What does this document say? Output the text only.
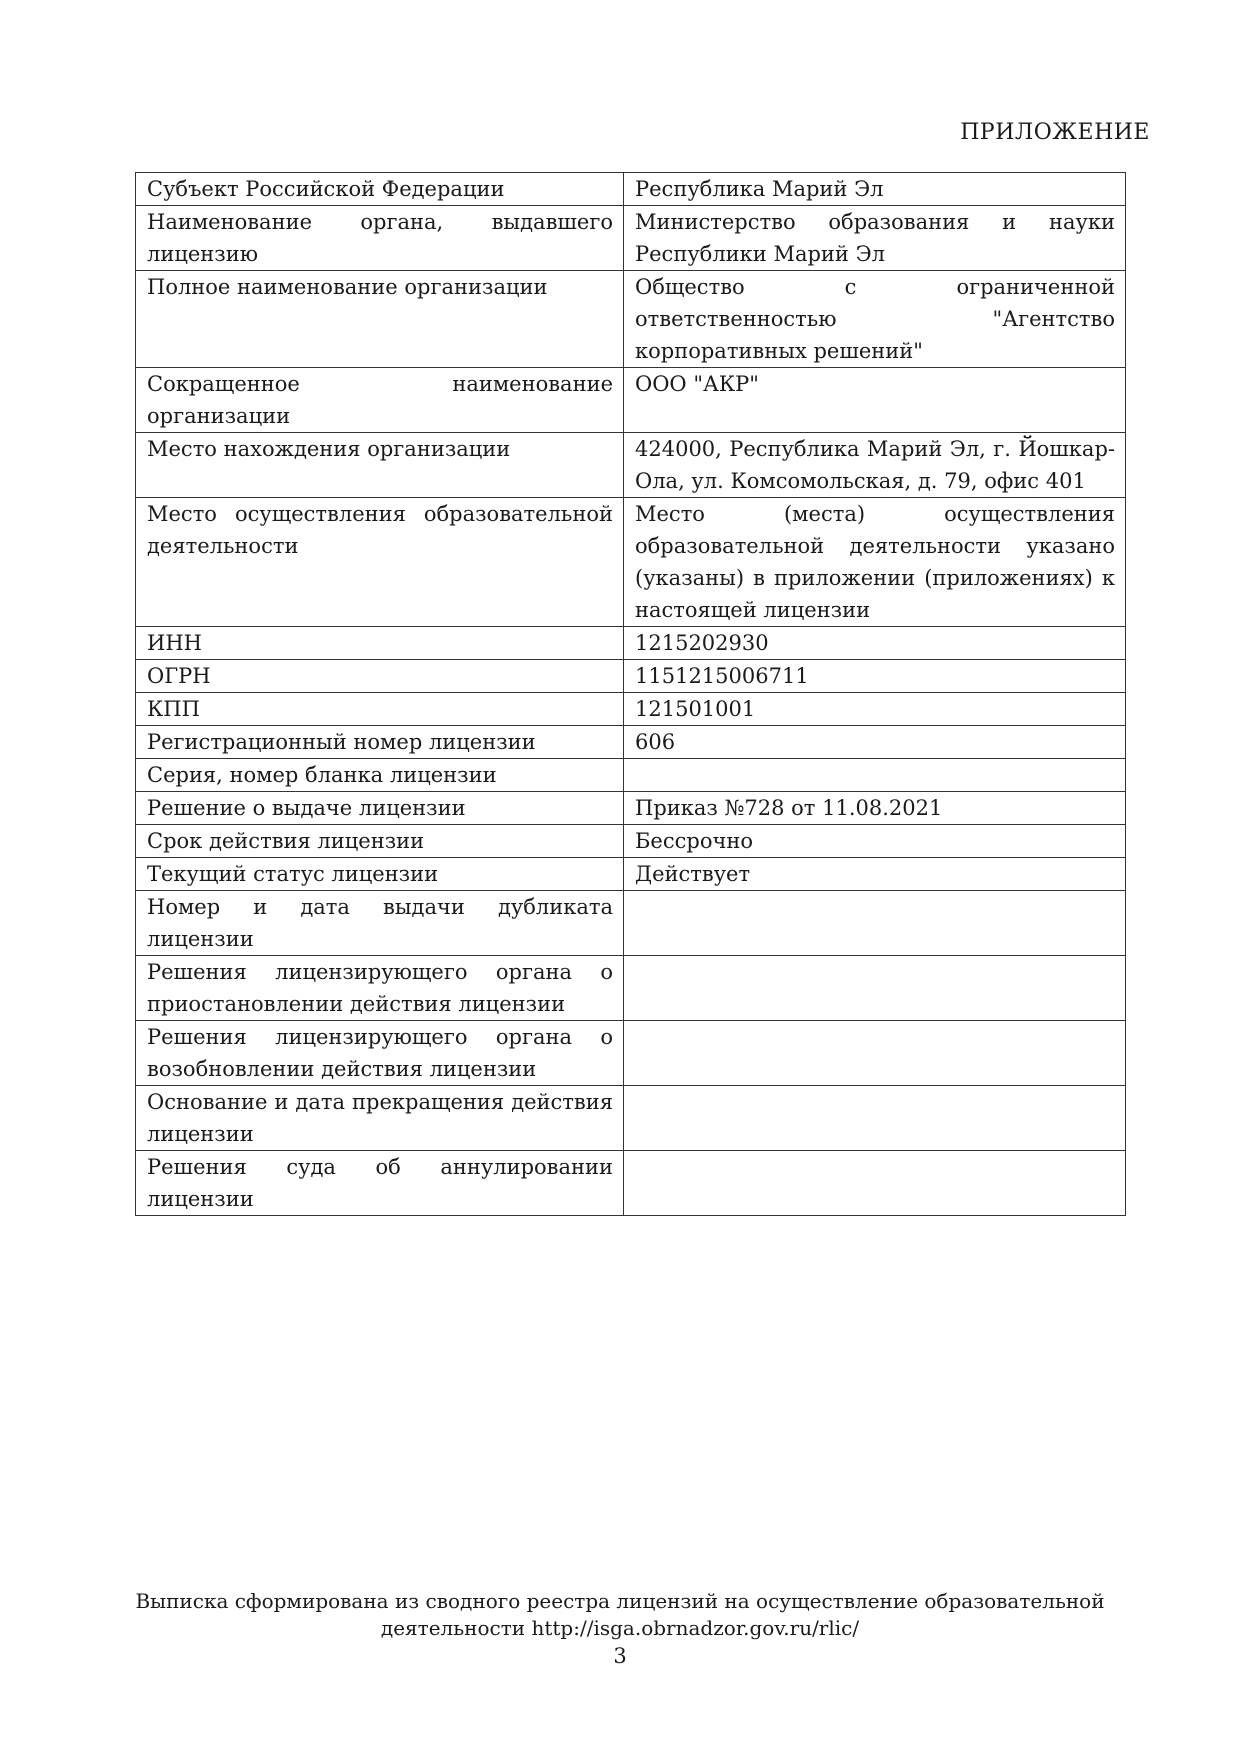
ПРИЛОЖЕНИЕ
Субъект Российской Федерации	Республика Марий Эл

Наименование органа, выдавшего лицензию	Министерство образования и науки Республики Марий Эл

Полное наименование организации	Общество с ограниченной ответственностью "Агентство корпоративных решений"

Сокращенное наименование организации	ООО "АКР"

Место нахождения организации	424000, Республика Марий Эл, г. Йошкар-Ола, ул. Комсомольская, д. 79, офис 401

Место осуществления образовательной деятельности	Место (места) осуществления образовательной деятельности указано (указаны) в приложении (приложениях) к настоящей лицензии

ИНН	1215202930

ОГРН	1151215006711

КПП	121501001

Регистрационный номер лицензии	606

Серия, номер бланка лицензии	

Решение о выдаче лицензии	Приказ №728 от 11.08.2021

Срок действия лицензии	Бессрочно

Текущий статус лицензии	Действует

Номер и дата выдачи дубликата лицензии	

Решения лицензирующего органа о приостановлении действия лицензии	

Решения лицензирующего органа о возобновлении действия лицензии	

Основание и дата прекращения действия лицензии	

Решения суда об аннулировании лицензии	

Выписка сформирована из сводного реестра лицензий на осуществление образовательной
деятельности http://isga.obrnadzor.gov.ru/rlic/
3
